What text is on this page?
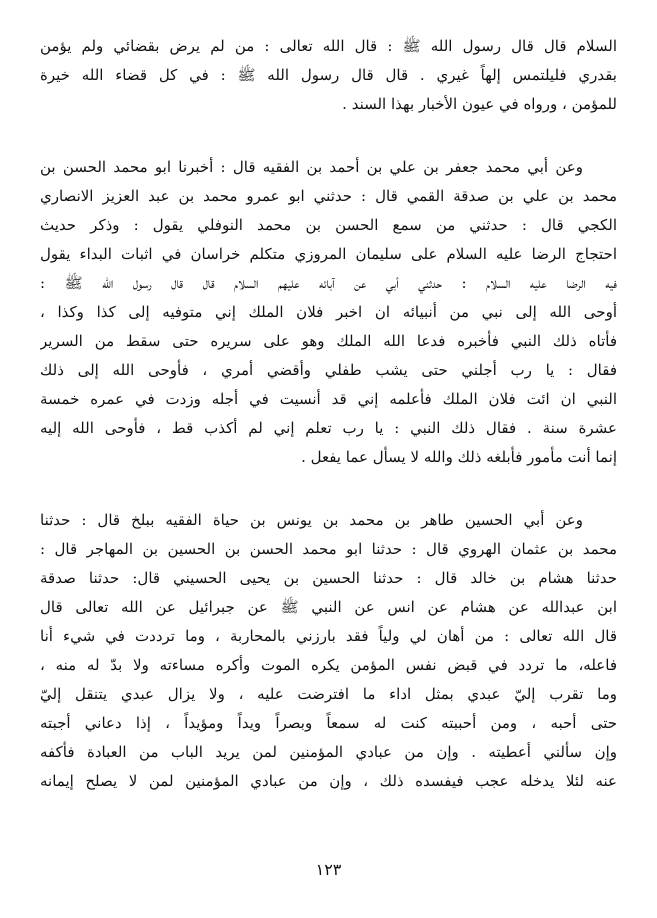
السلام قال قال رسول الله ﷺ : قال الله تعالى : من لم يرض بقضائي ولم يؤمن
بقدري فليلتمس إلهاً غيري . قال قال رسول الله ﷺ : في كل قضاء الله خيرة
للمؤمن ، ورواه في عيون الأخبار بهذا السند .
وعن أبي محمد جعفر بن علي بن أحمد بن الفقيه قال : أخبرنا ابو محمد الحسن بن
محمد بن علي بن صدقة القمي قال : حدثني ابو عمرو محمد بن عبد العزيز الانصاري
الكجي قال : حدثني من سمع الحسن بن محمد النوفلي يقول : وذكر حديث
احتجاج الرضا عليه السلام على سليمان المروزي متكلم خراسان في اثبات البداء يقول
فيه الرضا عليه السلام : حدثني أبي عن آبائه عليهم السلام قال قال رسول الله ﷺ :
أوحى الله إلى نبي من أنبيائه ان اخبر فلان الملك إني متوفيه إلى كذا وكذا ،
فأتاه ذلك النبي فأخبره فدعا الله الملك وهو على سريره حتى سقط من السرير
فقال : يا رب أجلني حتى يشب طفلي وأقضي أمري ، فأوحى الله إلى ذلك
النبي ان ائت فلان الملك فأعلمه إني قد أنسيت في أجله وزدت في عمره خمسة
عشرة سنة . فقال ذلك النبي : يا رب تعلم إني لم أكذب قط ، فأوحى الله إليه
إنما أنت مأمور فأبلغه ذلك والله لا يسأل عما يفعل .
وعن أبي الحسين طاهر بن محمد بن يونس بن حياة الفقيه ببلخ قال : حدثنا
محمد بن عثمان الهروي قال : حدثنا ابو محمد الحسن بن الحسين بن المهاجر قال :
حدثنا هشام بن خالد قال : حدثنا الحسين بن يحيى الحسيني قال: حدثنا صدقة
ابن عبدالله عن هشام عن انس عن النبي ﷺ عن جبرائيل عن الله تعالى قال
قال الله تعالى : من أهان لي ولياً فقد بارزني بالمحاربة ، وما ترددت في شيء أنا
فاعله، ما تردد في قبض نفس المؤمن يكره الموت وأكره مساءته ولا بدّ له منه ،
وما تقرب إليّ عبدي بمثل اداء ما افترضت عليه ، ولا يزال عبدي يتنقل إليّ
حتى أحبه ، ومن أحببته كنت له سمعاً وبصراً ويداً ومؤيداً ، إذا دعاني أجبته
وإن سألني أعطيته . وإن من عبادي المؤمنين لمن يريد الباب من العبادة فأكفه
عنه لئلا يدخله عجب فيفسده ذلك ، وإن من عبادي المؤمنين لمن لا يصلح إيمانه
١٢٣
